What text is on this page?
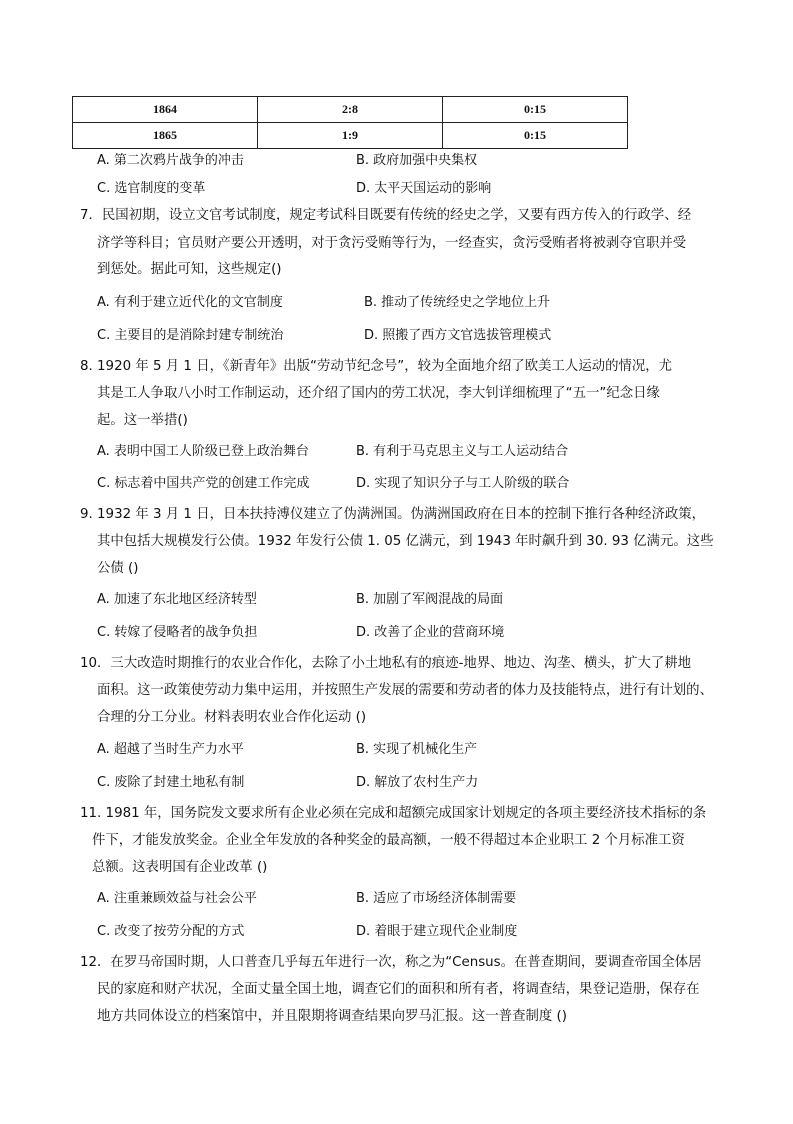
1864	2:8	0:15
1865	1:9	0:15
A. 第二次鸦片战争的冲击	B. 政府加强中央集权
C. 选官制度的变革	D. 太平天国运动的影响
7．民国初期，设立文官考试制度，规定考试科目既要有传统的经史之学，又要有西方传入的行政学、经
济学等科目；官员财产要公开透明，对于贪污受贿等行为，一经查实，贪污受贿者将被剥夺官职并受
到惩处。据此可知，这些规定()
A. 有利于建立近代化的文官制度	B. 推动了传统经史之学地位上升
C. 主要目的是消除封建专制统治	D. 照搬了西方文官选拔管理模式
8. 1920 年 5 月 1 日，《新青年》出版“劳动节纪念号”，较为全面地介绍了欧美工人运动的情况，尤
其是工人争取八小时工作制运动，还介绍了国内的劳工状况，李大钊详细梳理了“五一”纪念日缘
起。这一举措()
A. 表明中国工人阶级已登上政治舞台	B. 有利于马克思主义与工人运动结合
C. 标志着中国共产党的创建工作完成	D. 实现了知识分子与工人阶级的联合
9. 1932 年 3 月 1 日，日本扶持溥仪建立了伪满洲国。伪满洲国政府在日本的控制下推行各种经济政策，
其中包括大规模发行公债。1932 年发行公债 1. 05 亿满元，到 1943 年时飙升到 30. 93 亿满元。这些
公债 ()
A. 加速了东北地区经济转型	B. 加剧了军阀混战的局面
C. 转嫁了侵略者的战争负担	D. 改善了企业的营商环境
10．三大改造时期推行的农业合作化，去除了小土地私有的痕迹-地界、地边、沟垄、横头，扩大了耕地
面积。这一政策使劳动力集中运用，并按照生产发展的需要和劳动者的体力及技能特点，进行有计划的、
合理的分工分业。材料表明农业合作化运动 ()
A. 超越了当时生产力水平	B. 实现了机械化生产
C. 废除了封建土地私有制	D. 解放了农村生产力
11. 1981 年，国务院发文要求所有企业必须在完成和超额完成国家计划规定的各项主要经济技术指标的条
件下，才能发放奖金。企业全年发放的各种奖金的最高额，一般不得超过本企业职工 2 个月标准工资
总额。这表明国有企业改革 ()
A. 注重兼顾效益与社会公平	B. 适应了市场经济体制需要
C. 改变了按劳分配的方式	D. 着眼于建立现代企业制度
12．在罗马帝国时期，人口普查几乎每五年进行一次，称之为“Census。在普查期间，要调查帝国全体居
民的家庭和财产状况，全面丈量全国土地，调查它们的面积和所有者，将调查结，果登记造册，保存在
地方共同体设立的档案馆中，并且限期将调查结果向罗马汇报。这一普查制度 ()
